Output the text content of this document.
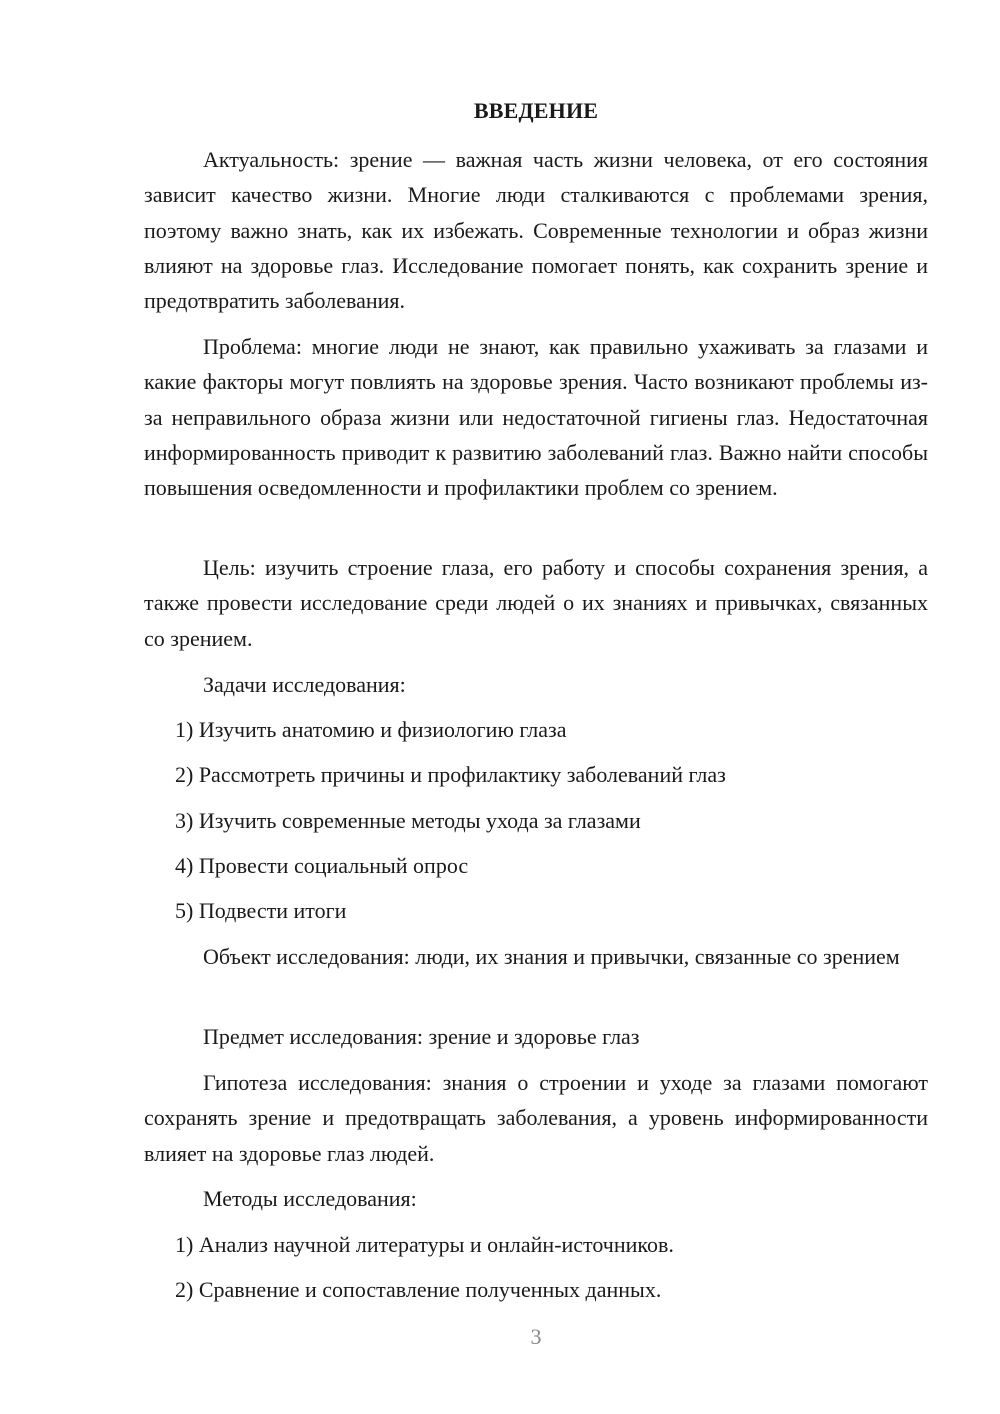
ВВЕДЕНИЕ

Актуальность: зрение — важная часть жизни человека, от его состояния зависит качество жизни. Многие люди сталкиваются с проблемами зрения, поэтому важно знать, как их избежать. Современные технологии и образ жизни влияют на здоровье глаз. Исследование помогает понять, как сохранить зрение и предотвратить заболевания.

Проблема: многие люди не знают, как правильно ухаживать за глазами и какие факторы могут повлиять на здоровье зрения. Часто возникают проблемы из-за неправильного образа жизни или недостаточной гигиены глаз. Недостаточная информированность приводит к развитию заболеваний глаз. Важно найти способы повышения осведомленности и профилактики проблем со зрением.

Цель: изучить строение глаза, его работу и способы сохранения зрения, а также провести исследование среди людей о их знаниях и привычках, связанных со зрением.

Задачи исследования:
1) Изучить анатомию и физиологию глаза
2) Рассмотреть причины и профилактику заболеваний глаз
3) Изучить современные методы ухода за глазами
4) Провести социальный опрос
5) Подвести итоги

Объект исследования: люди, их знания и привычки, связанные со зрением

Предмет исследования: зрение и здоровье глаз

Гипотеза исследования: знания о строении и уходе за глазами помогают сохранять зрение и предотвращать заболевания, а уровень информированности влияет на здоровье глаз людей.

Методы исследования:
1) Анализ научной литературы и онлайн-источников.
2) Сравнение и сопоставление полученных данных.
3
